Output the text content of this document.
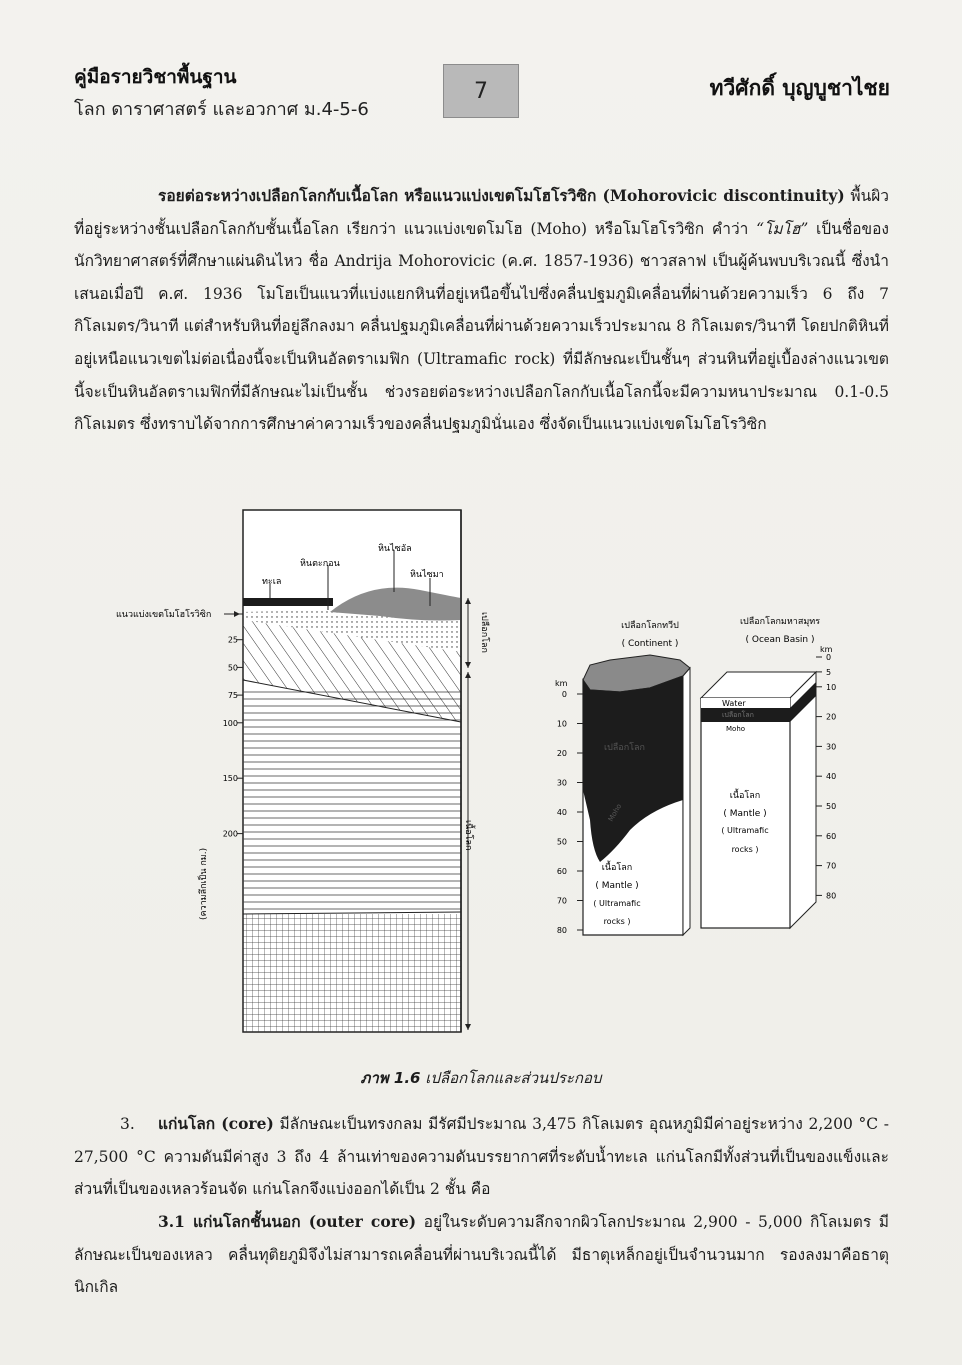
คู่มือรายวิชาพื้นฐาน
โลก ดาราศาสตร์ และอวกาศ ม.4-5-6
7	ทวีศักดิ์ บุญบูชาไชย
รอยต่อระหว่างเปลือกโลกกับเนื้อโลก หรือแนวแบ่งเขตโมโฮโรวิซิก (Mohorovicic discontinuity) พื้นผิวที่อยู่ระหว่างชั้นเปลือกโลกกับชั้นเนื้อโลก เรียกว่า แนวแบ่งเขตโมโฮ (Moho) หรือโมโฮโรวิซิก คำว่า “โมโฮ” เป็นชื่อของนักวิทยาศาสตร์ที่ศึกษาแผ่นดินไหว ชื่อ Andrija Mohorovicic (ค.ศ. 1857-1936) ชาวสลาฟ เป็นผู้ค้นพบบริเวณนี้ ซึ่งนำเสนอเมื่อปี ค.ศ. 1936 โมโฮเป็นแนวที่แบ่งแยกหินที่อยู่เหนือขึ้นไปซึ่งคลื่นปฐมภูมิเคลื่อนที่ผ่านด้วยความเร็ว 6 ถึง 7 กิโลเมตร/วินาที แต่สำหรับหินที่อยู่ลึกลงมา คลื่นปฐมภูมิเคลื่อนที่ผ่านด้วยความเร็วประมาณ 8 กิโลเมตร/วินาที โดยปกติหินที่อยู่เหนือแนวเขตไม่ต่อเนื่องนี้จะเป็นหินอัลตราเมฟิก (Ultramafic rock) ที่มีลักษณะเป็นชั้นๆ ส่วนหินที่อยู่เบื้องล่างแนวเขตนี้จะเป็นหินอัลตราเมฟิกที่มีลักษณะไม่เป็นชั้น ช่วงรอยต่อระหว่างเปลือกโลกกับเนื้อโลกนี้จะมีความหนาประมาณ 0.1-0.5 กิโลเมตร ซึ่งทราบได้จากการศึกษาค่าความเร็วของคลื่นปฐมภูมินั่นเอง ซึ่งจัดเป็นแนวแบ่งเขตโมโฮโรวิซิก
ทะเล
หินตะกอน
หินไซอัล
หินไซมา
แนวแบ่งเขตโมโฮโรวิซิก	เปลือกโลก
เนื้อโลก
(ความลึกเป็น กม.)
25
50
75
100
150
200
เปลือกโลกทวีป
( Continent )
km
เปลือกโลก
Moho
เนื้อโลก
( Mantle )
( Ultramafic
rocks )
0
10
20
30
40
50
60
70
80
เปลือกโลกมหาสมุทร
( Ocean Basin )
km
Water
เปลือกโลก
Moho
เนื้อโลก
( Mantle )
( Ultramafic
rocks )
0
5
10
20
30
40
50
60
70
80
ภาพ 1.6 เปลือกโลกและส่วนประกอบ
3. แก่นโลก (core) มีลักษณะเป็นทรงกลม มีรัศมีประมาณ 3,475 กิโลเมตร อุณหภูมิมีค่าอยู่ระหว่าง 2,200 °C - 27,500 °C ความดันมีค่าสูง 3 ถึง 4 ล้านเท่าของความดันบรรยากาศที่ระดับน้ำทะเล แก่นโลกมีทั้งส่วนที่เป็นของแข็งและส่วนที่เป็นของเหลวร้อนจัด แก่นโลกจึงแบ่งออกได้เป็น 2 ชั้น คือ
3.1 แก่นโลกชั้นนอก (outer core) อยู่ในระดับความลึกจากผิวโลกประมาณ 2,900 - 5,000 กิโลเมตร มีลักษณะเป็นของเหลว คลื่นทุติยภูมิจึงไม่สามารถเคลื่อนที่ผ่านบริเวณนี้ได้ มีธาตุเหล็กอยู่เป็นจำนวนมาก รองลงมาคือธาตุนิกเกิล
